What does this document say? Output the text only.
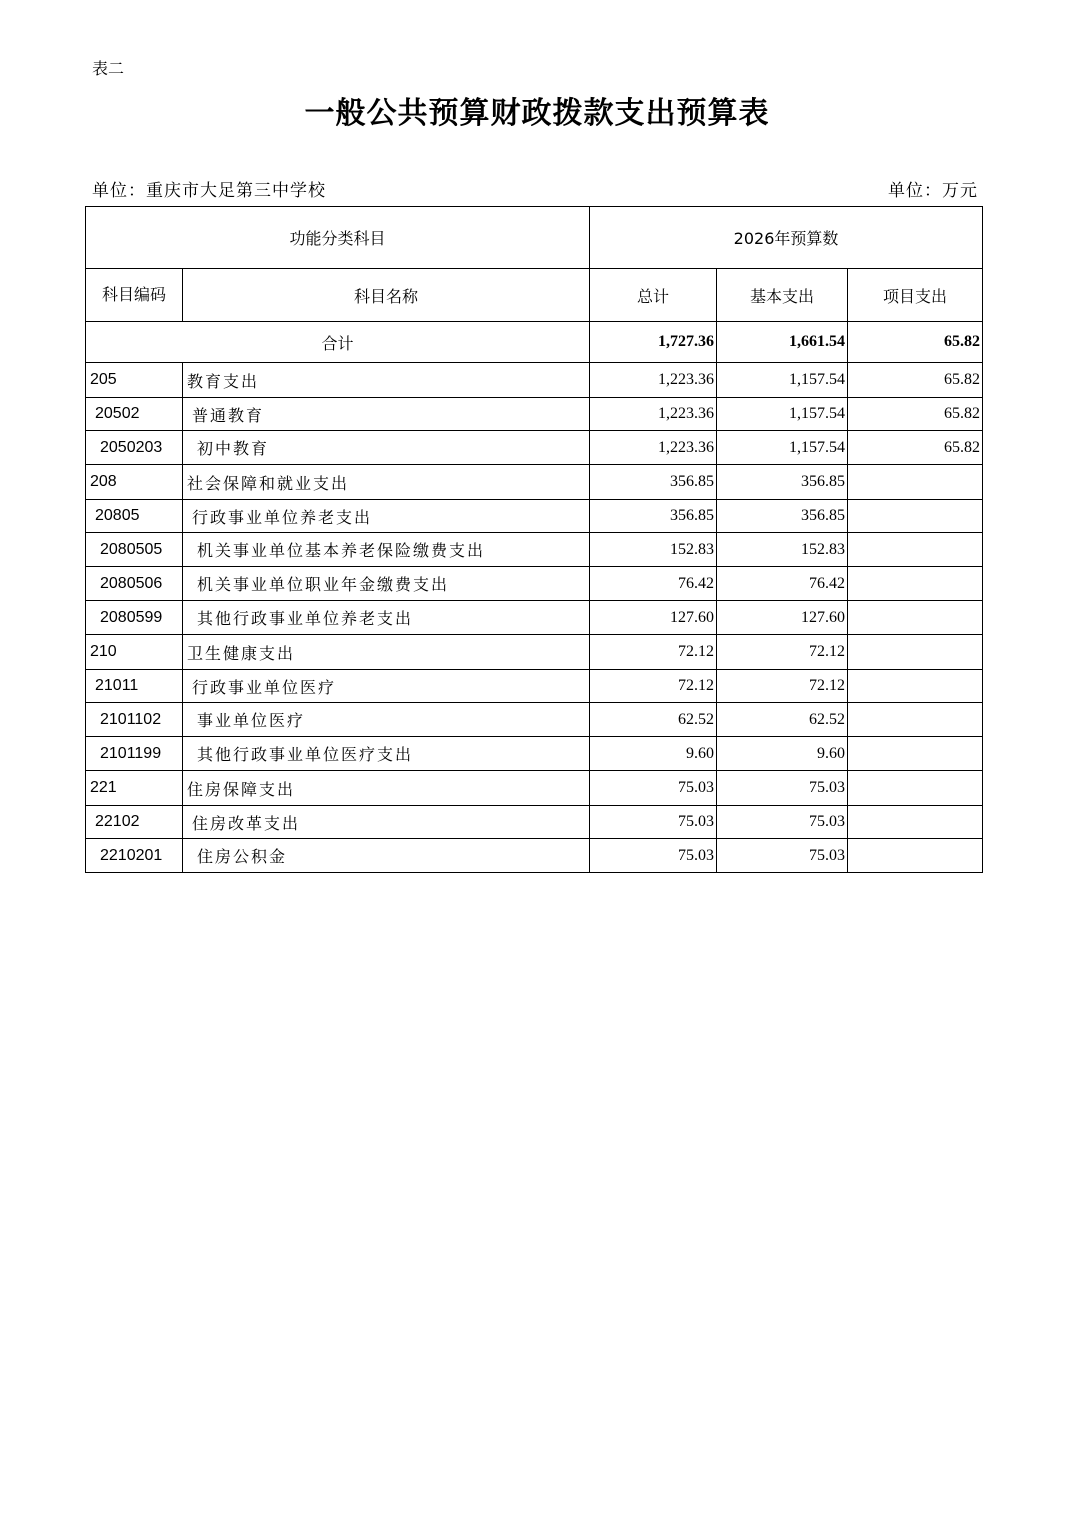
表二
一般公共预算财政拨款支出预算表
单位：重庆市大足第三中学校	单位：万元
功能分类科目		2026年预算数		
科目编码	科目名称	总计	基本支出	项目支出
合计		1,727.36	1,661.54	65.82
205	教育支出	1,223.36	1,157.54	65.82
20502	普通教育	1,223.36	1,157.54	65.82
2050203	初中教育	1,223.36	1,157.54	65.82
208	社会保障和就业支出	356.85	356.85	
20805	行政事业单位养老支出	356.85	356.85	
2080505	机关事业单位基本养老保险缴费支出	152.83	152.83	
2080506	机关事业单位职业年金缴费支出	76.42	76.42	
2080599	其他行政事业单位养老支出	127.60	127.60	
210	卫生健康支出	72.12	72.12	
21011	行政事业单位医疗	72.12	72.12	
2101102	事业单位医疗	62.52	62.52	
2101199	其他行政事业单位医疗支出	9.60	9.60	
221	住房保障支出	75.03	75.03	
22102	住房改革支出	75.03	75.03	
2210201	住房公积金	75.03	75.03	
